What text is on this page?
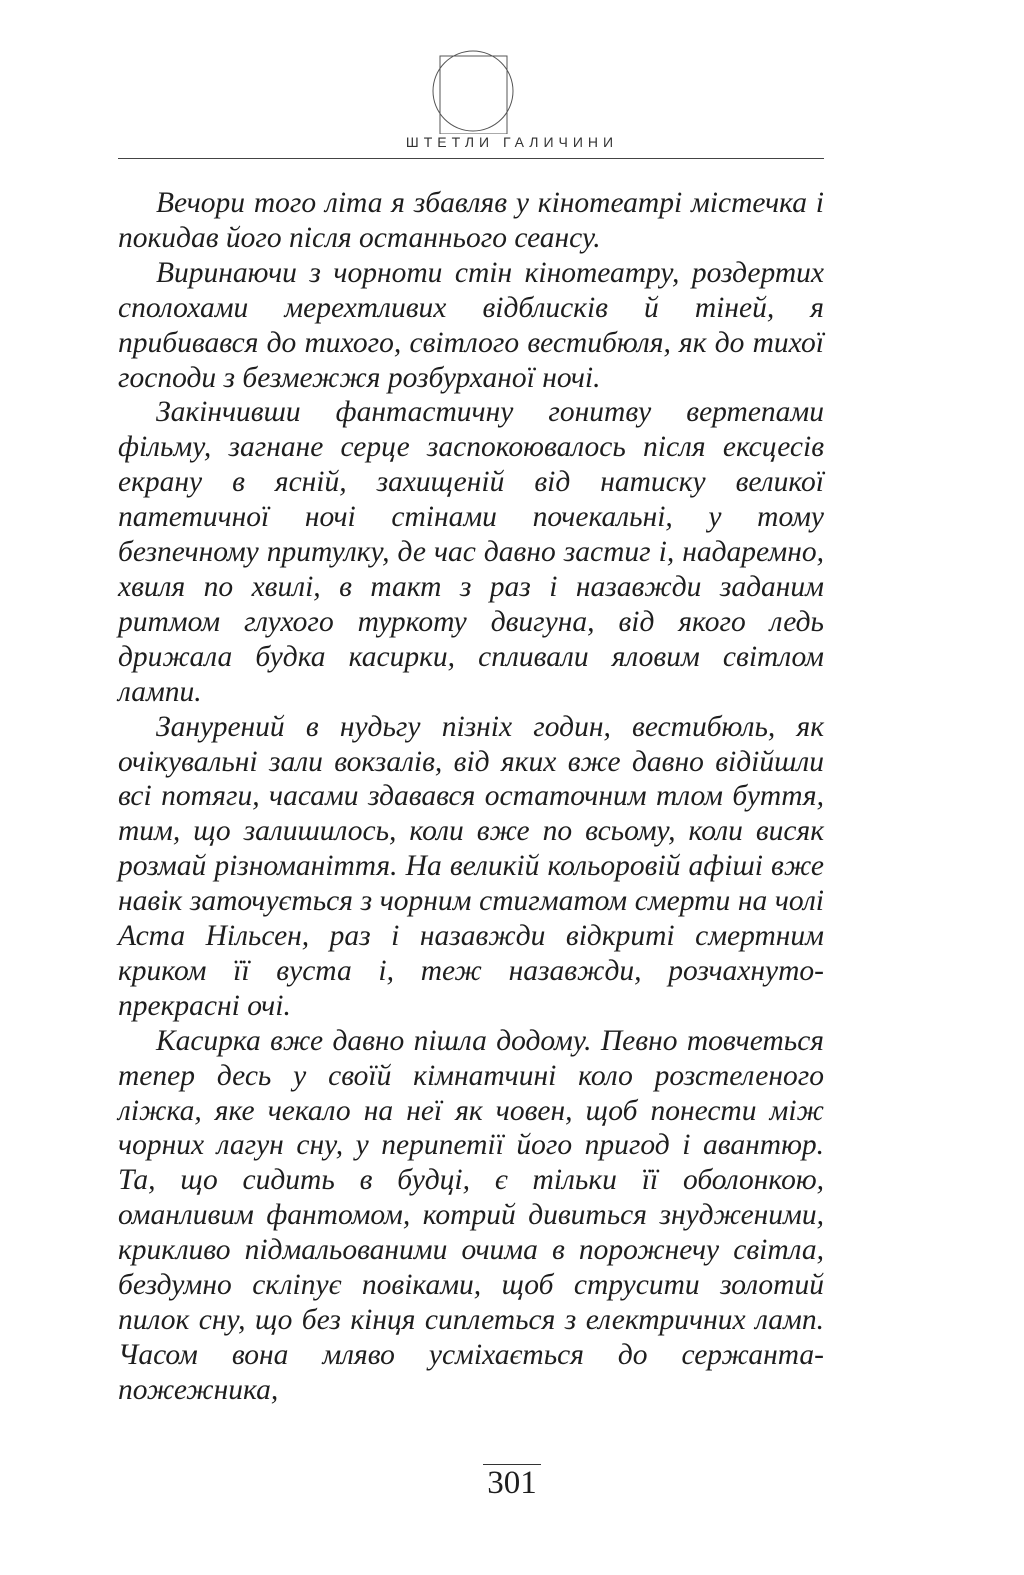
ШТЕТЛИ ГАЛИЧИНИ

Вечори того літа я збавляв у кінотеатрі містечка і покидав його після останнього сеансу.

Виринаючи з чорноти стін кінотеатру, роздертих сполохами мерехтливих відблисків й тіней, я прибивався до тихого, світлого вестибюля, як до тихої господи з безмежжя розбурханої ночі.

Закінчивши фантастичну гонитву вертепами фільму, загнане серце заспокоювалось після ексцесів екрану в ясній, захищеній від натиску великої патетичної ночі стінами почекальні, у тому безпечному притулку, де час давно застиг і, надаремно, хвиля по хвилі, в такт з раз і назавжди заданим ритмом глухого туркоту двигуна, від якого ледь дрижала будка касирки, спливали яловим світлом лампи.

Занурений в нудьгу пізніх годин, вестибюль, як очікувальні зали вокзалів, від яких вже давно відійшли всі потяги, часами здавався остаточним тлом буття, тим, що залишилось, коли вже по всьому, коли висяк розмай різноманіття. На великій кольоровій афіші вже навік заточується з чорним стигматом смерти на чолі Аста Нільсен, раз і назавжди відкриті смертним криком її вуста і, теж назавжди, розчахнуто-прекрасні очі.

Касирка вже давно пішла додому. Певно товчеться тепер десь у своїй кімнатчині коло розстеленого ліжка, яке чекало на неї як човен, щоб понести між чорних лагун сну, у перипетії його пригод і авантюр. Та, що сидить в будці, є тільки її оболонкою, оманливим фантомом, котрий дивиться знудженими, крикливо підмальованими очима в порожнечу світла, бездумно скліпує повіками, щоб струсити золотий пилок сну, що без кінця сиплеться з електричних ламп. Часом вона мляво усміхається до сержанта-пожежника,

301
